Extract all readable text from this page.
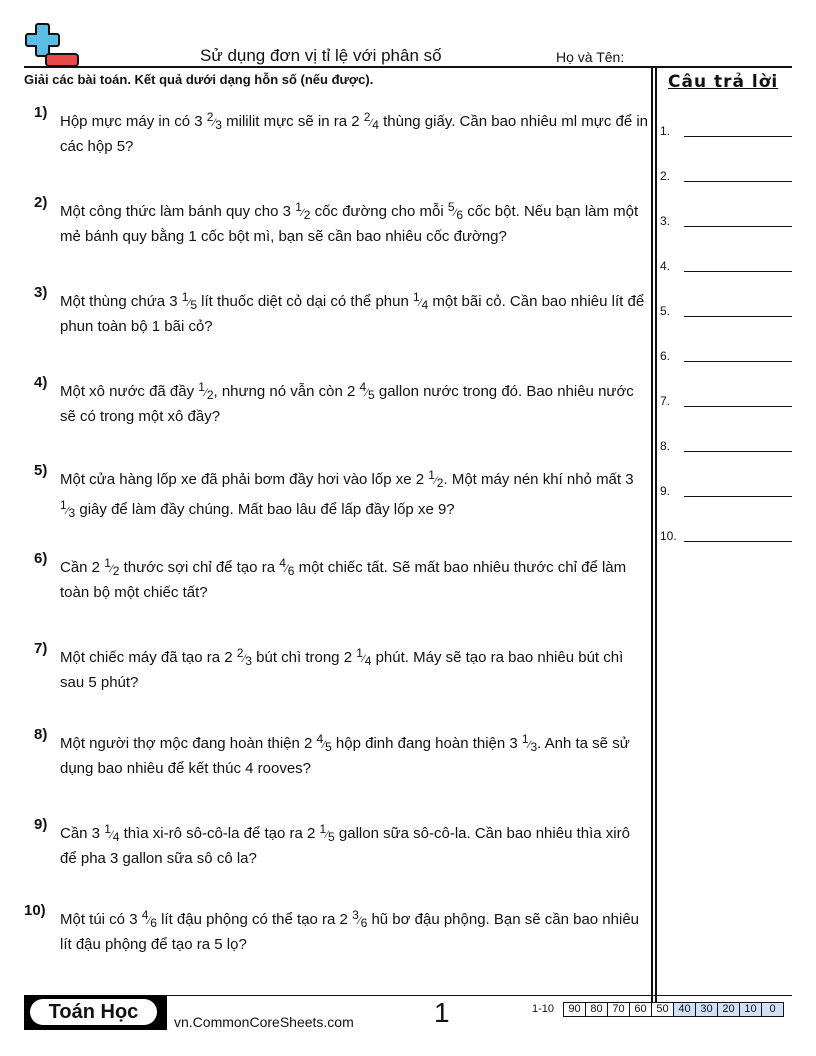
Sử dụng đơn vị tỉ lệ với phân số	Họ và Tên:
Giải các bài toán. Kết quả dưới dạng hỗn số (nếu được).	Câu trả lời
1.
2.
3.
4.
5.
6.
7.
8.
9.
10.
1)
Hộp mực máy in có 3 $^2⁄_3$ mililit mực sẽ in ra 2 $^2⁄_4$ thùng giấy. Cần bao nhiêu ml mực để in các hộp 5?
2)
Một công thức làm bánh quy cho 3 $^1⁄_2$ cốc đường cho mỗi $^5⁄_6$ cốc bột. Nếu bạn làm một mẻ bánh quy bằng 1 cốc bột mì, bạn sẽ cần bao nhiêu cốc đường?
3)
Một thùng chứa 3 $^1⁄_5$ lít thuốc diệt cỏ dại có thể phun $^1⁄_4$ một bãi cỏ. Cần bao nhiêu lít để phun toàn bộ 1 bãi cỏ?
4)
Một xô nước đã đầy $^1⁄_2$, nhưng nó vẫn còn 2 $^4⁄_5$ gallon nước trong đó. Bao nhiêu nước sẽ có trong một xô đầy?
5)
Một cửa hàng lốp xe đã phải bơm đầy hơi vào lốp xe 2 $^1⁄_2$. Một máy nén khí nhỏ mất 3 $^1⁄_3$ giây để làm đầy chúng. Mất bao lâu để lấp đầy lốp xe 9?
6)
Cần 2 $^1⁄_2$ thước sợi chỉ để tạo ra $^4⁄_6$ một chiếc tất. Sẽ mất bao nhiêu thước chỉ để làm toàn bộ một chiếc tất?
7)
Một chiếc máy đã tạo ra 2 $^2⁄_3$ bút chì trong 2 $^1⁄_4$ phút. Máy sẽ tạo ra bao nhiêu bút chì sau 5 phút?
8)
Một người thợ mộc đang hoàn thiện 2 $^4⁄_5$ hộp đinh đang hoàn thiện 3 $^1⁄_3$. Anh ta sẽ sử dụng bao nhiêu để kết thúc 4 rooves?
9)
Cần 3 $^1⁄_4$ thìa xi-rô sô-cô-la để tạo ra 2 $^1⁄_5$ gallon sữa sô-cô-la. Cần bao nhiêu thìa xirô để pha 3 gallon sữa sô cô la?
10)
Một túi có 3 $^4⁄_6$ lít đậu phộng có thể tạo ra 2 $^3⁄_6$ hũ bơ đậu phộng. Bạn sẽ cần bao nhiêu lít đậu phộng để tạo ra 5 lọ?
Toán Học	vn.CommonCoreSheets.com	1	1-10 90	80	70	60	50	40	30	20	10	0
